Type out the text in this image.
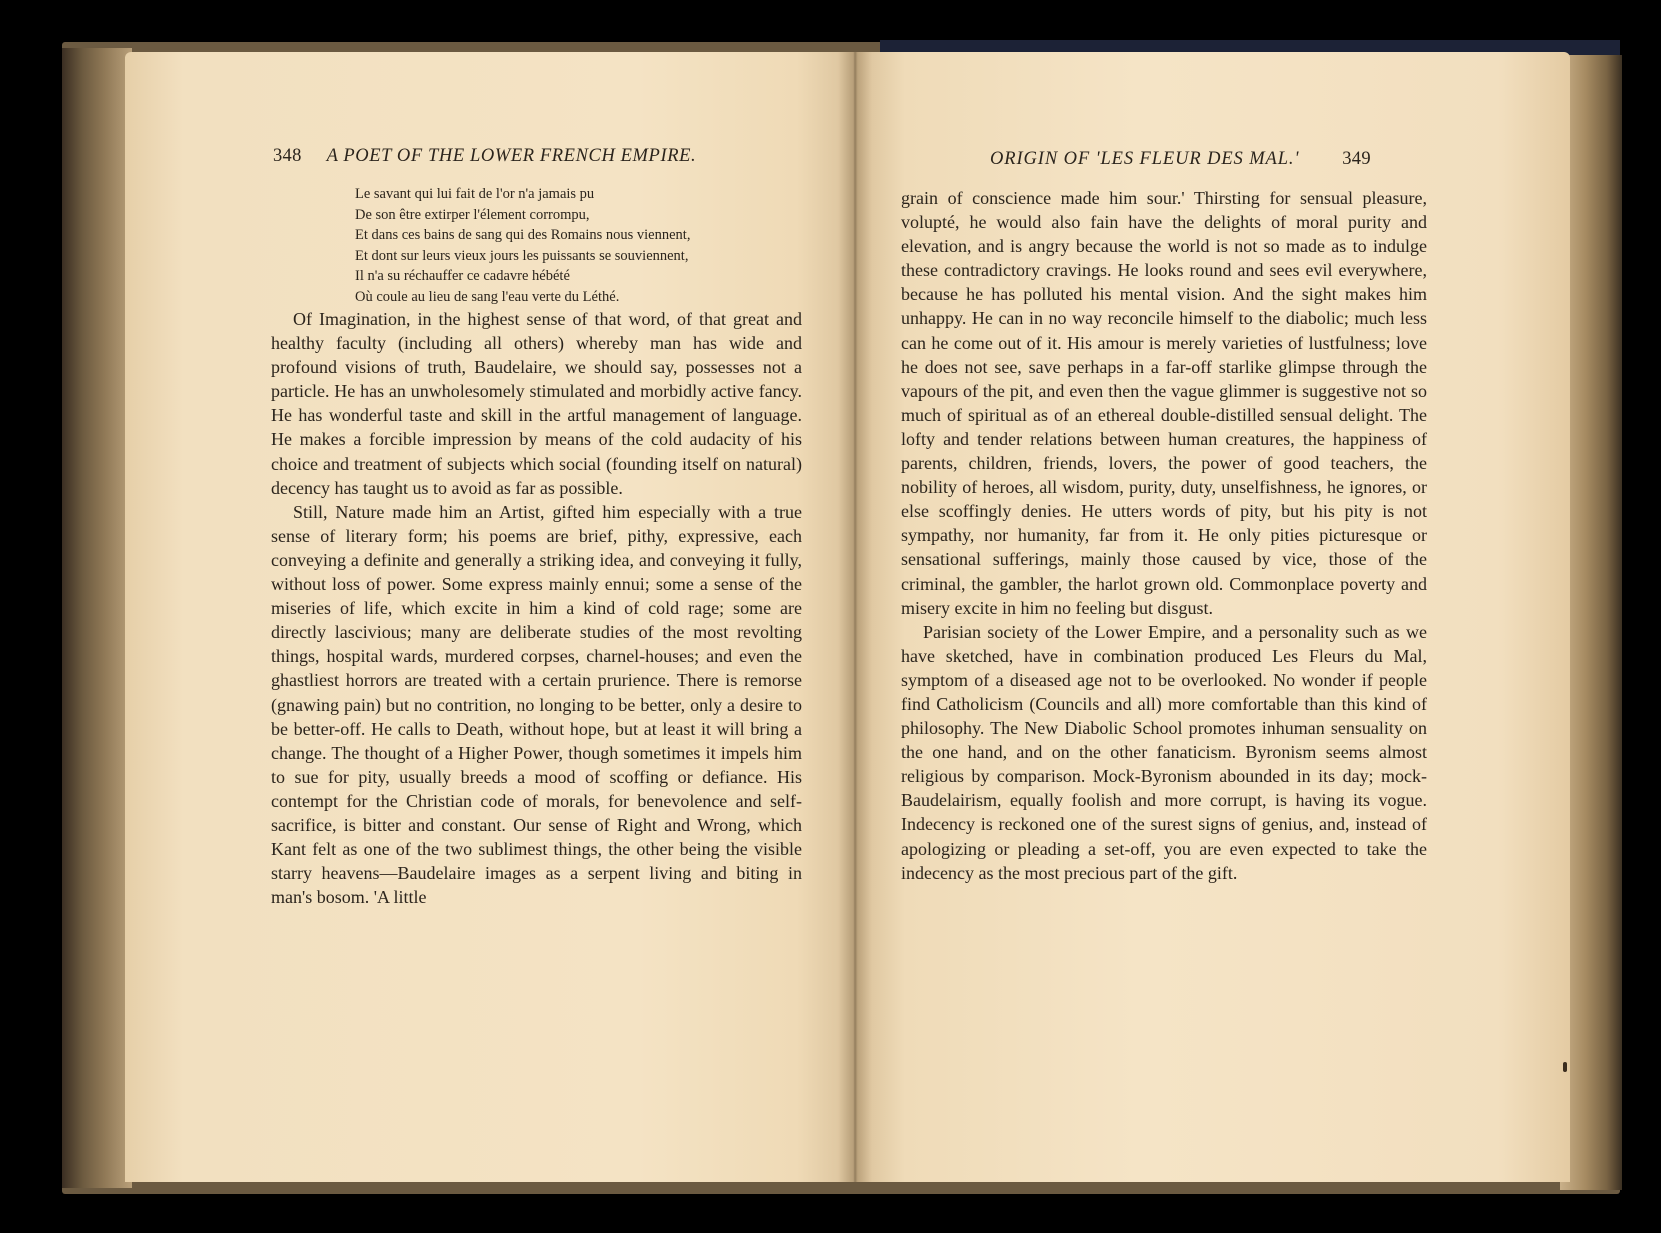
348 A POET OF THE LOWER FRENCH EMPIRE.
Le savant qui lui fait de l'or n'a jamais pu
De son être extirper l'élement corrompu,
Et dans ces bains de sang qui des Romains nous viennent,
Et dont sur leurs vieux jours les puissants se souviennent,
Il n'a su réchauffer ce cadavre hébété
Où coule au lieu de sang l'eau verte du Léthé.

Of Imagination, in the highest sense of that word, of that great and healthy faculty (including all others) whereby man has wide and profound visions of truth, Baudelaire, we should say, possesses not a particle. He has an unwholesomely stimulated and morbidly active fancy. He has wonderful taste and skill in the artful management of language. He makes a forcible impression by means of the cold audacity of his choice and treatment of subjects which social (founding itself on natural) decency has taught us to avoid as far as possible.

Still, Nature made him an Artist, gifted him especially with a true sense of literary form; his poems are brief, pithy, expressive, each conveying a definite and generally a striking idea, and conveying it fully, without loss of power. Some express mainly ennui; some a sense of the miseries of life, which excite in him a kind of cold rage; some are directly lascivious; many are deliberate studies of the most revolting things, hospital wards, murdered corpses, charnel-houses; and even the ghastliest horrors are treated with a certain prurience. There is remorse (gnawing pain) but no contrition, no longing to be better, only a desire to be better-off. He calls to Death, without hope, but at least it will bring a change. The thought of a Higher Power, though sometimes it impels him to sue for pity, usually breeds a mood of scoffing or defiance. His contempt for the Christian code of morals, for benevolence and self-sacrifice, is bitter and constant. Our sense of Right and Wrong, which Kant felt as one of the two sublimest things, the other being the visible starry heavens—Baudelaire images as a serpent living and biting in man's bosom. 'A little

ORIGIN OF 'LES FLEUR DES MAL.' 349

grain of conscience made him sour.' Thirsting for sensual pleasure, volupté, he would also fain have the delights of moral purity and elevation, and is angry because the world is not so made as to indulge these contradictory cravings. He looks round and sees evil everywhere, because he has polluted his mental vision. And the sight makes him unhappy. He can in no way reconcile himself to the diabolic; much less can he come out of it. His amour is merely varieties of lustfulness; love he does not see, save perhaps in a far-off starlike glimpse through the vapours of the pit, and even then the vague glimmer is suggestive not so much of spiritual as of an ethereal double-distilled sensual delight. The lofty and tender relations between human creatures, the happiness of parents, children, friends, lovers, the power of good teachers, the nobility of heroes, all wisdom, purity, duty, unselfishness, he ignores, or else scoffingly denies. He utters words of pity, but his pity is not sympathy, nor humanity, far from it. He only pities picturesque or sensational sufferings, mainly those caused by vice, those of the criminal, the gambler, the harlot grown old. Commonplace poverty and misery excite in him no feeling but disgust.

Parisian society of the Lower Empire, and a personality such as we have sketched, have in combination produced Les Fleurs du Mal, symptom of a diseased age not to be overlooked. No wonder if people find Catholicism (Councils and all) more comfortable than this kind of philosophy. The New Diabolic School promotes inhuman sensuality on the one hand, and on the other fanaticism. Byronism seems almost religious by comparison. Mock-Byronism abounded in its day; mock-Baudelairism, equally foolish and more corrupt, is having its vogue. Indecency is reckoned one of the surest signs of genius, and, instead of apologizing or pleading a set-off, you are even expected to take the indecency as the most precious part of the gift.
